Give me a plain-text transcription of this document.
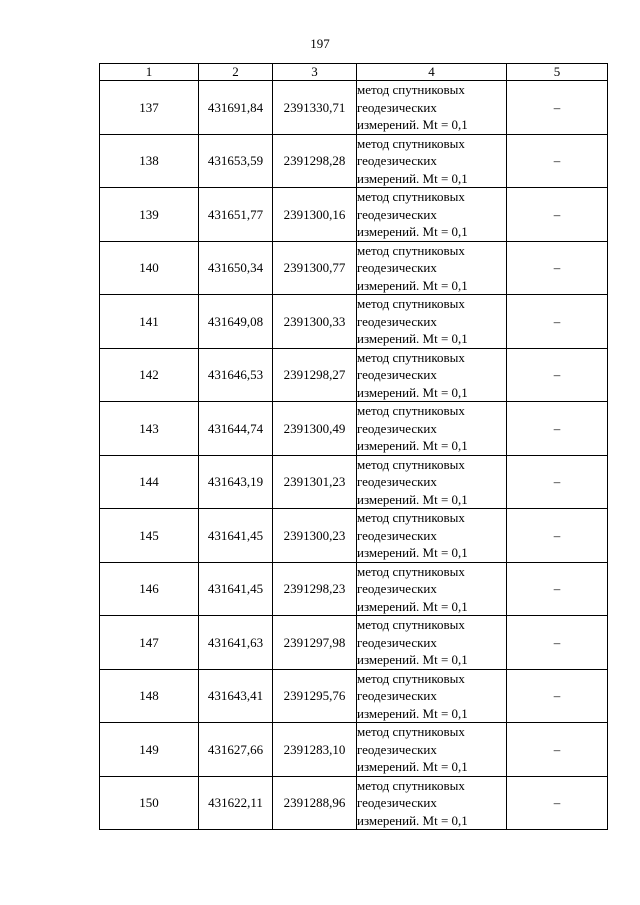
197
1	2	3	4	5
137	431691,84	2391330,71	метод спутниковых
геодезических
измерений. Mt = 0,1	–
138	431653,59	2391298,28	метод спутниковых
геодезических
измерений. Mt = 0,1	–
139	431651,77	2391300,16	метод спутниковых
геодезических
измерений. Mt = 0,1	–
140	431650,34	2391300,77	метод спутниковых
геодезических
измерений. Mt = 0,1	–
141	431649,08	2391300,33	метод спутниковых
геодезических
измерений. Mt = 0,1	–
142	431646,53	2391298,27	метод спутниковых
геодезических
измерений. Mt = 0,1	–
143	431644,74	2391300,49	метод спутниковых
геодезических
измерений. Mt = 0,1	–
144	431643,19	2391301,23	метод спутниковых
геодезических
измерений. Mt = 0,1	–
145	431641,45	2391300,23	метод спутниковых
геодезических
измерений. Mt = 0,1	–
146	431641,45	2391298,23	метод спутниковых
геодезических
измерений. Mt = 0,1	–
147	431641,63	2391297,98	метод спутниковых
геодезических
измерений. Mt = 0,1	–
148	431643,41	2391295,76	метод спутниковых
геодезических
измерений. Mt = 0,1	–
149	431627,66	2391283,10	метод спутниковых
геодезических
измерений. Mt = 0,1	–
150	431622,11	2391288,96	метод спутниковых
геодезических
измерений. Mt = 0,1	–
